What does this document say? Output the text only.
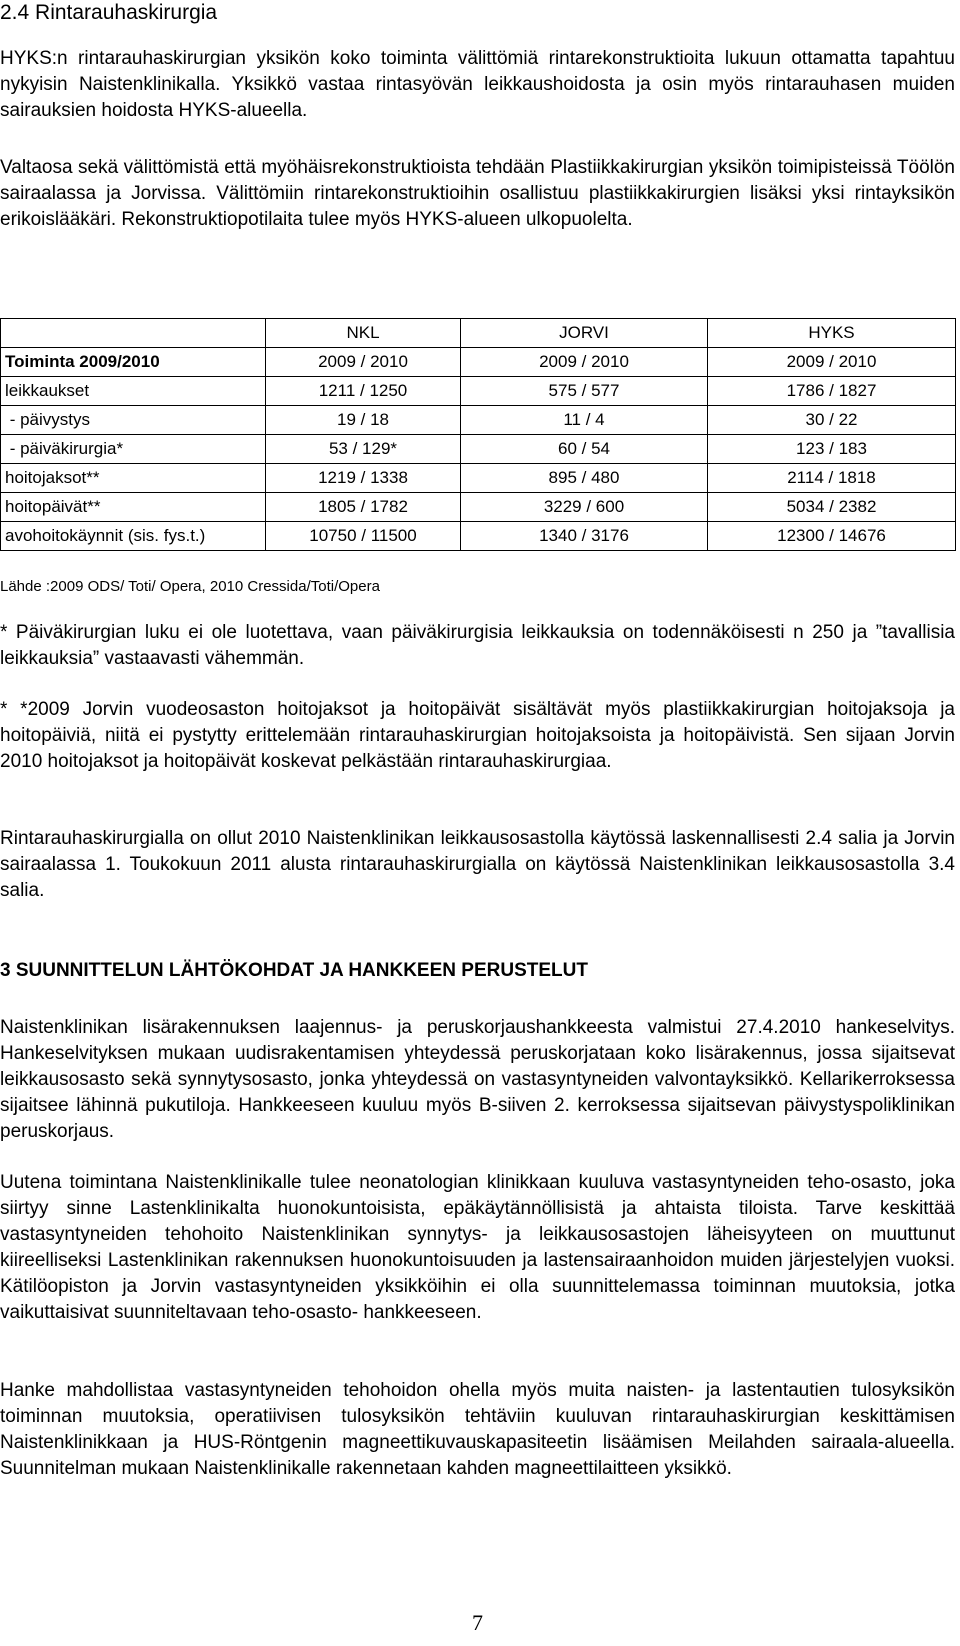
2.4 Rintarauhaskirurgia
HYKS:n rintarauhaskirurgian yksikön koko toiminta välittömiä rintarekonstruktioita lukuun ottamatta tapahtuu nykyisin Naistenklinikalla. Yksikkö vastaa rintasyövän leikkaushoidosta ja osin myös rintarauhasen muiden sairauksien hoidosta HYKS-alueella.
Valtaosa sekä välittömistä että myöhäisrekonstruktioista tehdään Plastiikkakirurgian yksikön toimipisteissä Töölön sairaalassa ja Jorvissa. Välittömiin rintarekonstruktioihin osallistuu plastiikkakirurgien lisäksi yksi rintayksikön erikoislääkäri. Rekonstruktiopotilaita tulee myös HYKS-alueen ulkopuolelta.
	NKL	JORVI	HYKS
Toiminta 2009/2010	2009 / 2010	2009 / 2010	2009 / 2010
leikkaukset	1211 / 1250	575 / 577	1786 / 1827
- päivystys	19 / 18	11 / 4	30 / 22
- päiväkirurgia*	53 / 129*	60 / 54	123 / 183
hoitojaksot**	1219 / 1338	895 / 480	2114 / 1818
hoitopäivät**	1805 / 1782	3229 / 600	5034 / 2382
avohoitokäynnit (sis. fys.t.)	10750 / 11500	1340 / 3176	12300 / 14676
Lähde :2009 ODS/ Toti/ Opera, 2010 Cressida/Toti/Opera
* Päiväkirurgian luku ei ole luotettava, vaan päiväkirurgisia leikkauksia on todennäköisesti n 250 ja ”tavallisia leikkauksia” vastaavasti vähemmän.
* *2009 Jorvin vuodeosaston hoitojaksot ja hoitopäivät sisältävät myös plastiikkakirurgian hoitojaksoja ja hoitopäiviä, niitä ei pystytty erittelemään rintarauhaskirurgian hoitojaksoista ja hoitopäivistä. Sen sijaan Jorvin 2010 hoitojaksot ja hoitopäivät koskevat pelkästään rintarauhaskirurgiaa.
Rintarauhaskirurgialla on ollut 2010 Naistenklinikan leikkausosastolla käytössä laskennallisesti 2.4 salia ja Jorvin sairaalassa 1. Toukokuun 2011 alusta rintarauhaskirurgialla on käytössä Naistenklinikan leikkausosastolla 3.4 salia.
3 SUUNNITTELUN LÄHTÖKOHDAT JA HANKKEEN PERUSTELUT
Naistenklinikan lisärakennuksen laajennus- ja peruskorjaushankkeesta valmistui 27.4.2010 hankeselvitys. Hankeselvityksen mukaan uudisrakentamisen yhteydessä peruskorjataan koko lisärakennus, jossa sijaitsevat leikkausosasto sekä synnytysosasto, jonka yhteydessä on vastasyntyneiden valvontayksikkö. Kellarikerroksessa sijaitsee lähinnä pukutiloja. Hankkeeseen kuuluu myös B-siiven 2. kerroksessa sijaitsevan päivystyspoliklinikan peruskorjaus.
Uutena toimintana Naistenklinikalle tulee neonatologian klinikkaan kuuluva vastasyntyneiden teho-osasto, joka siirtyy sinne Lastenklinikalta huonokuntoisista, epäkäytännöllisistä ja ahtaista tiloista. Tarve keskittää vastasyntyneiden tehohoito Naistenklinikan synnytys- ja leikkausosastojen läheisyyteen on muuttunut kiireelliseksi Lastenklinikan rakennuksen huonokuntoisuuden ja lastensairaanhoidon muiden järjestelyjen vuoksi. Kätilöopiston ja Jorvin vastasyntyneiden yksikköihin ei olla suunnittelemassa toiminnan muutoksia, jotka vaikuttaisivat suunniteltavaan teho-osasto- hankkeeseen.
Hanke mahdollistaa vastasyntyneiden tehohoidon ohella myös muita naisten- ja lastentautien tulosyksikön toiminnan muutoksia, operatiivisen tulosyksikön tehtäviin kuuluvan rintarauhaskirurgian keskittämisen Naistenklinikkaan ja HUS-Röntgenin magneettikuvauskapasiteetin lisäämisen Meilahden sairaala-alueella. Suunnitelman mukaan Naistenklinikalle rakennetaan kahden magneettilaitteen yksikkö.
7
